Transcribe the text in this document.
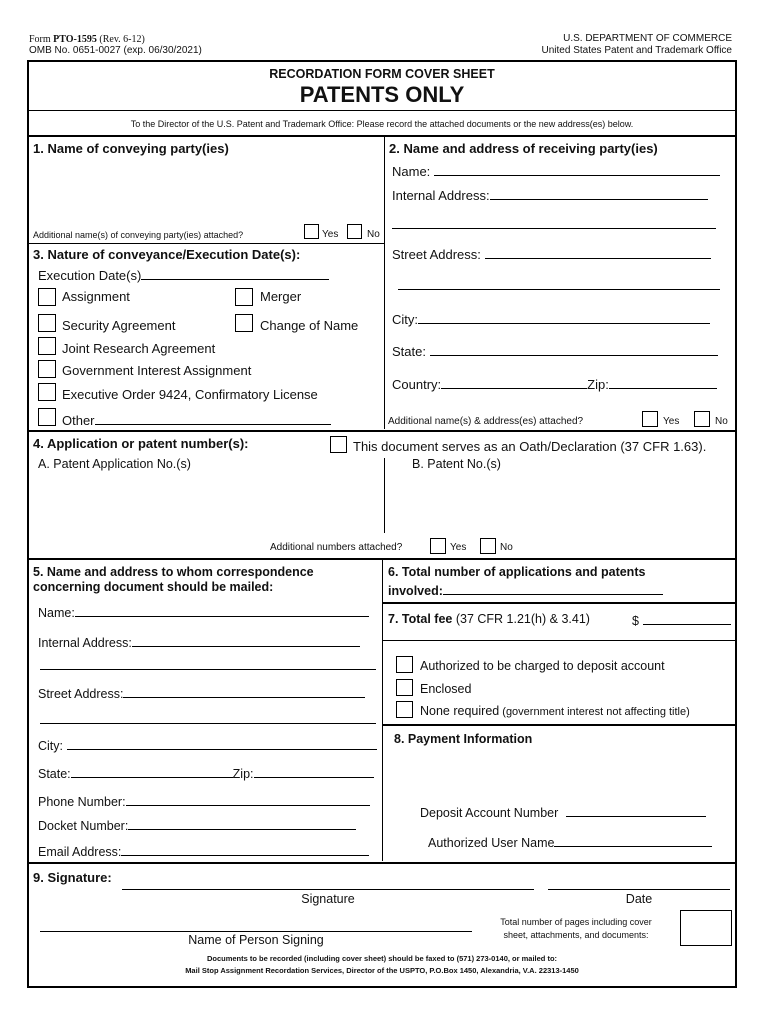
Form PTO-1595 (Rev. 6-12)
OMB No. 0651-0027 (exp. 06/30/2021)
U.S. DEPARTMENT OF COMMERCE
United States Patent and Trademark Office
RECORDATION FORM COVER SHEET
PATENTS ONLY
To the Director of the U.S. Patent and Trademark Office: Please record the attached documents or the new address(es) below.
1. Name of conveying party(ies)
Additional name(s) of conveying party(ies) attached?	Yes	No
3. Nature of conveyance/Execution Date(s):
Execution Date(s)
Assignment	Merger
Security Agreement	Change of Name
Joint Research Agreement
Government Interest Assignment
Executive Order 9424, Confirmatory License
Other
2. Name and address of receiving party(ies)
Name:
Internal Address:
Street Address:
City:
State:
Country:	Zip:
Additional name(s) & address(es) attached?	Yes	No
4. Application or patent number(s):	This document serves as an Oath/Declaration (37 CFR 1.63).
A. Patent Application No.(s)	B. Patent No.(s)
Additional numbers attached?	Yes	No
5. Name and address to whom correspondence
concerning document should be mailed:
Name:
Internal Address:
Street Address:
City:
State:	Zip:
Phone Number:
Docket Number:
Email Address:
6. Total number of applications and patents
involved:
7. Total fee (37 CFR 1.21(h) & 3.41)	$
Authorized to be charged to deposit account
Enclosed
None required (government interest not affecting title)
8. Payment Information
Deposit Account Number
Authorized User Name
9. Signature:
Signature	Date
Name of Person Signing
Total number of pages including cover
sheet, attachments, and documents:
Documents to be recorded (including cover sheet) should be faxed to (571) 273-0140, or mailed to:
Mail Stop Assignment Recordation Services, Director of the USPTO, P.O.Box 1450, Alexandria, V.A. 22313-1450
